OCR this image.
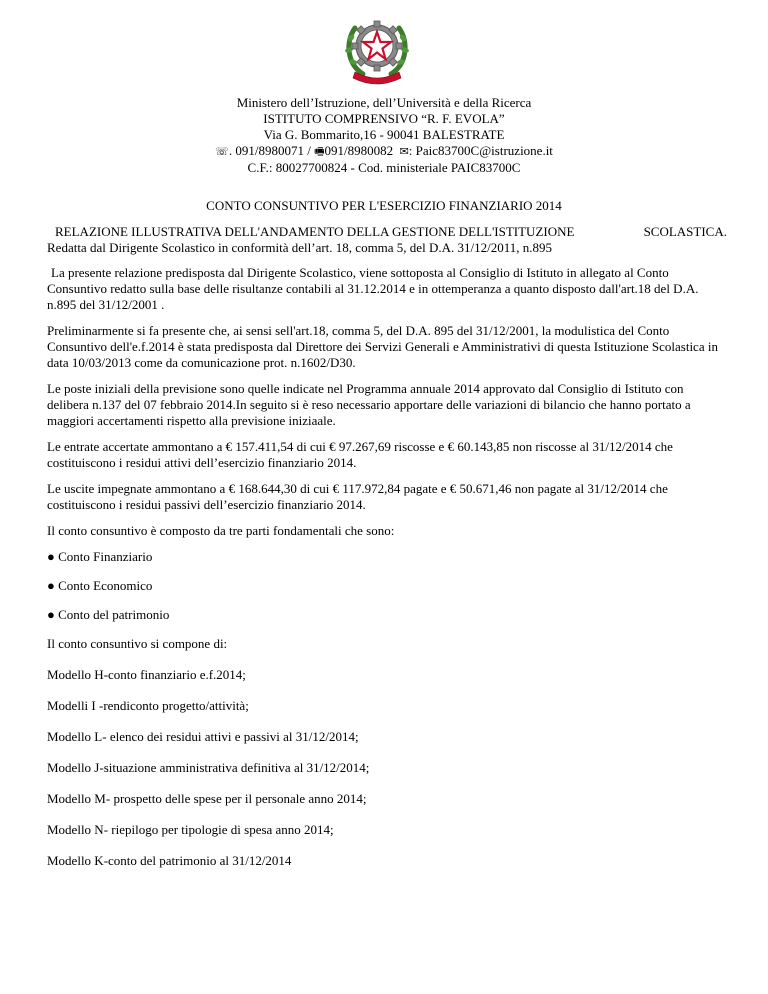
Ministero dell’Istruzione, dell’Università e della Ricerca
ISTITUTO COMPRENSIVO “R. F. EVOLA”
Via G. Bommarito,16 - 90041 BALESTRATE
☏. 091/8980071 / 🖷091/8980082 ✉: Paic83700C@istruzione.it
C.F.: 80027700824 - Cod. ministeriale PAIC83700C
CONTO CONSUNTIVO PER L'ESERCIZIO FINANZIARIO 2014
RELAZIONE ILLUSTRATIVA DELL'ANDAMENTO DELLA GESTIONE DELL'ISTITUZIONE	SCOLASTICA.
Redatta dal Dirigente Scolastico in conformità dell’art. 18, comma 5, del D.A. 31/12/2011, n.895

La presente relazione predisposta dal Dirigente Scolastico, viene sottoposta al Consiglio di Istituto in allegato al Conto Consuntivo redatto sulla base delle risultanze contabili al 31.12.2014 e in ottemperanza a quanto disposto dall'art.18 del D.A. n.895 del 31/12/2001 .

Preliminarmente si fa presente che, ai sensi sell'art.18, comma 5, del D.A. 895 del 31/12/2001, la modulistica del Conto Consuntivo dell'e.f.2014 è stata predisposta dal Direttore dei Servizi Generali e Amministrativi di questa Istituzione Scolastica in data 10/03/2013 come da comunicazione prot. n.1602/D30.

Le poste iniziali della previsione sono quelle indicate nel Programma annuale 2014 approvato dal Consiglio di Istituto con delibera n.137 del 07 febbraio 2014.In seguito si è reso necessario apportare delle variazioni di bilancio che hanno portato a maggiori accertamenti rispetto alla previsione iniziaale.

Le entrate accertate ammontano a € 157.411,54 di cui € 97.267,69 riscosse e € 60.143,85 non riscosse al 31/12/2014 che costituiscono i residui attivi dell’esercizio finanziario 2014.

Le uscite impegnate ammontano a € 168.644,30 di cui € 117.972,84 pagate e € 50.671,46 non pagate al 31/12/2014 che costituiscono i residui passivi dell’esercizio finanziario 2014.

Il conto consuntivo è composto da tre parti fondamentali che sono:

● Conto Finanziario

● Conto Economico

● Conto del patrimonio

Il conto consuntivo si compone di:

Modello H-conto finanziario e.f.2014;

Modelli I -rendiconto progetto/attività;

Modello L- elenco dei residui attivi e passivi al 31/12/2014;

Modello J-situazione amministrativa definitiva al 31/12/2014;

Modello M- prospetto delle spese per il personale anno 2014;

Modello N- riepilogo per tipologie di spesa anno 2014;

Modello K-conto del patrimonio al 31/12/2014
